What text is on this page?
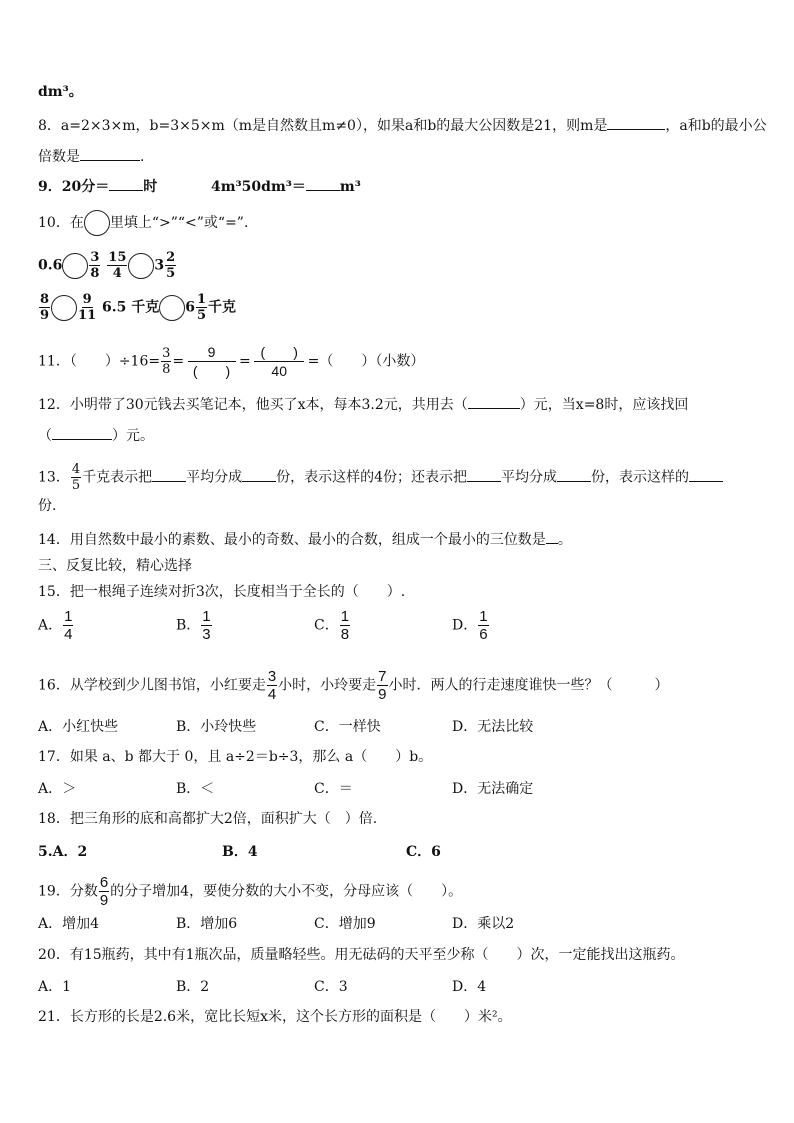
dm³。
8．a=2×3×m，b=3×5×m（m是自然数且m≠0），如果a和b的最大公因数是21，则m是	，a和b的最小公
倍数是	.
9．20分＝ 时	4m³50dm³＝ m³
10．在 里填上“>”“<”或“=”.
$0.6 \frac{3}{8}$
$\frac{15}{4} 3 \frac{2}{5}$
$\frac{8}{9} \frac{9}{11} 6.5$ 千克 $6 \frac{1}{5}$ 千克
11．（　　）$\div 16= \frac{3}{8} = \frac{9}{( )} = \frac{( )}{40}$ =（　　）（小数）
12．小明带了30元钱去买笔记本，他买了x本，每本3.2元，共用去（	）元，当x=8时，应该找回
（	）元。
13． $\frac{4}{5}$ 千克表示把 平均分成 份，表示这样的4份；还表示把 平均分成 份，表示这样的
份.
14．用自然数中最小的素数、最小的奇数、最小的合数，组成一个最小的三位数是 。
三、反复比较，精心选择
15．把一根绳子连续对折3次，长度相当于全长的（　　）.
A． $\frac{1}{4}$	B． $\frac{1}{3}$	C． $\frac{1}{8}$	D． $\frac{1}{6}$
16．从学校到少儿图书馆，小红要走 $\frac{3}{4}$ 小时，小玲要走 $\frac{7}{9}$ 小时．两人的行走速度谁快一些？（　　　）
A．小红快些	B．小玲快些	C．一样快	D．无法比较
17．如果 a、b 都大于 0，且 a÷2＝b÷3，那么 a（　　）b。
A．＞	B．＜	C．＝	D．无法确定
18．把三角形的底和高都扩大2倍，面积扩大（　）倍.
5.A．2	B．4	C．6
19．分数 $\frac{6}{9}$ 的分子增加4，要使分数的大小不变，分母应该（　　）。
A．增加4	B．增加6	C．增加9	D．乘以2
20．有15瓶药，其中有1瓶次品，质量略轻些。用无砝码的天平至少称（　　）次，一定能找出这瓶药。
A．1	B．2	C．3	D．4
21．长方形的长是2.6米，宽比长短x米，这个长方形的面积是（　　）米²。
